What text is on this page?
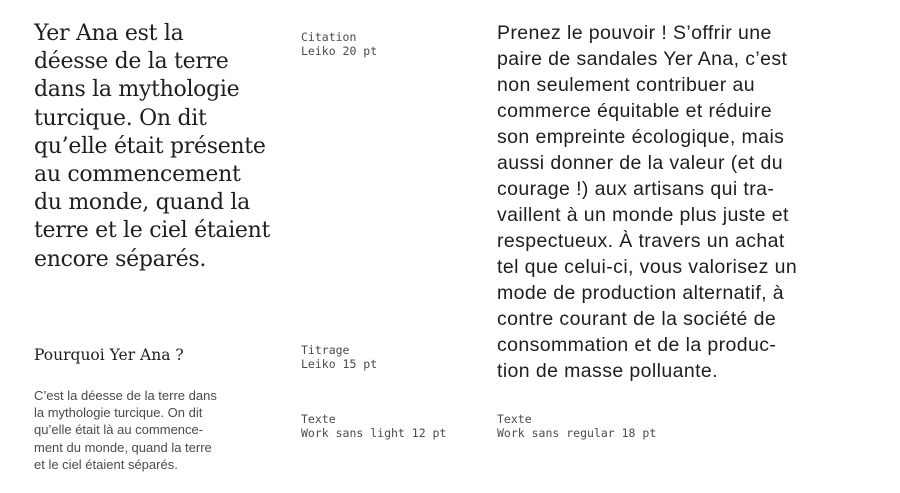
Yer Ana est la
déesse de la terre
dans la mythologie
turcique. On dit
qu’elle était présente
au commencement
du monde, quand la
terre et le ciel étaient
encore séparés.

Citation
Leiko 20 pt
Pourquoi Yer Ana ?	Titrage
Leiko 15 pt

C’est la déesse de la terre dans
la mythologie turcique. On dit
qu’elle était là au commence-
ment du monde, quand la terre
et le ciel étaient séparés.

Texte
Work sans light 12 pt

Prenez le pouvoir ! S’offrir une
paire de sandales Yer Ana, c’est
non seulement contribuer au
commerce équitable et réduire
son empreinte écologique, mais
aussi donner de la valeur (et du
courage !) aux artisans qui tra-
vaillent à un monde plus juste et
respectueux. À travers un achat
tel que celui-ci, vous valorisez un
mode de production alternatif, à
contre courant de la société de
consommation et de la produc-
tion de masse polluante.

Texte
Work sans regular 18 pt
